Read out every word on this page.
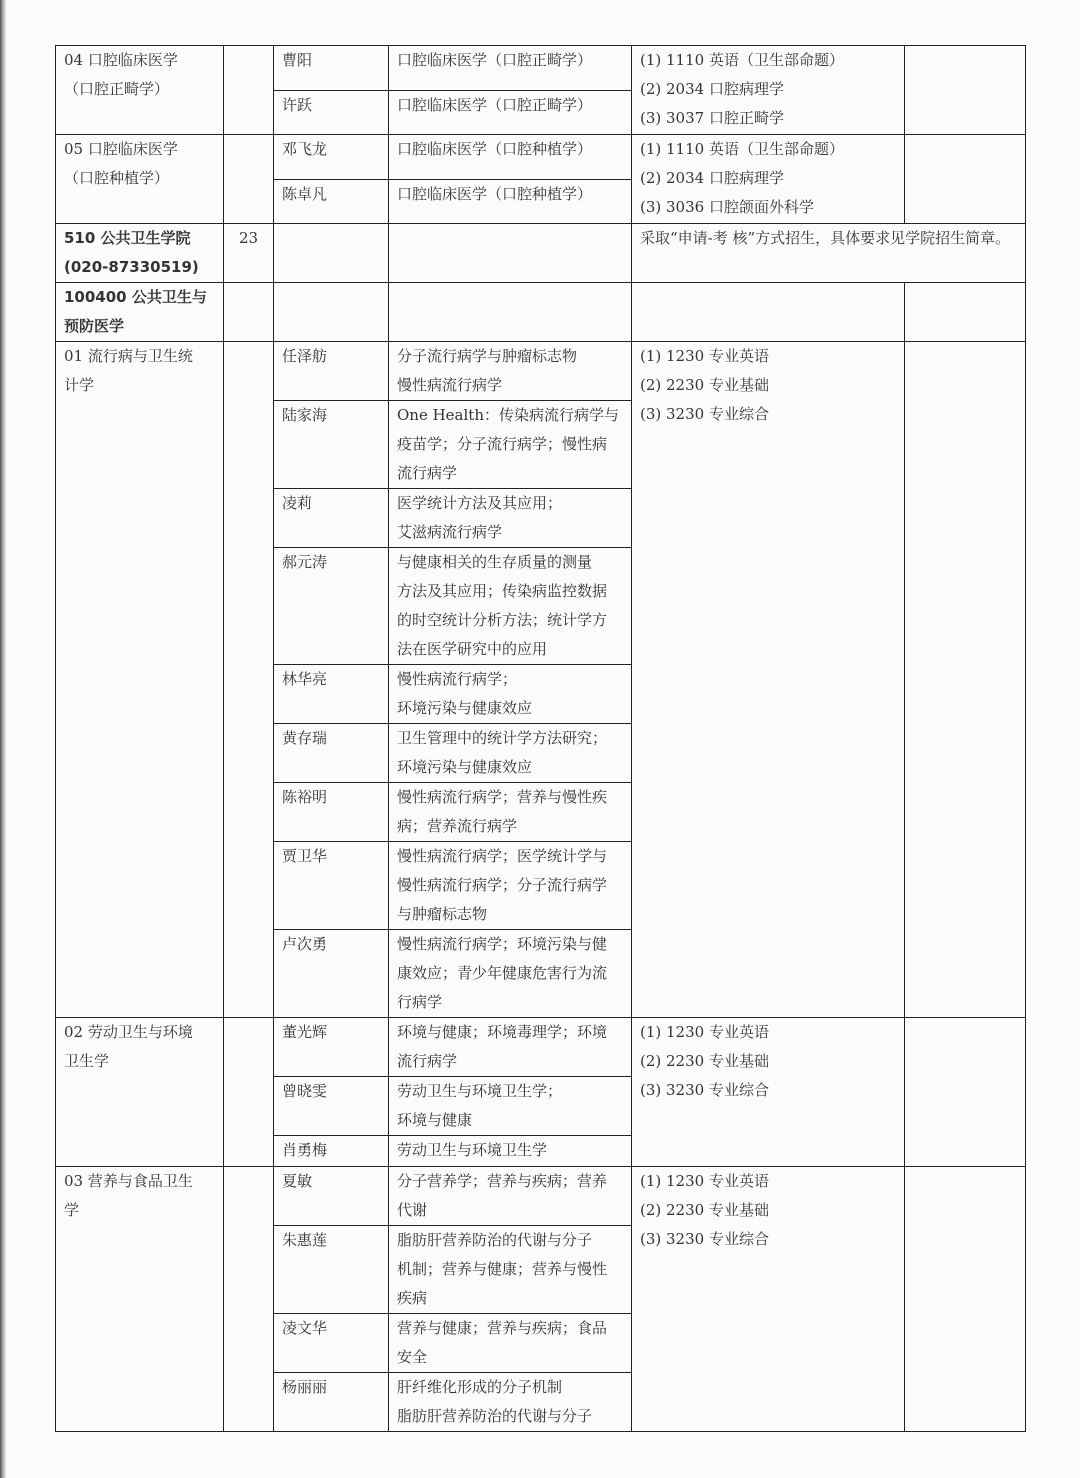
04 口腔临床医学
（口腔正畸学）		曹阳	口腔临床医学（口腔正畸学）	(1) 1110 英语（卫生部命题）
(2) 2034 口腔病理学
(3) 3037 口腔正畸学	

		许跃	口腔临床医学（口腔正畸学）		

05 口腔临床医学
（口腔种植学）		邓飞龙	口腔临床医学（口腔种植学）	(1) 1110 英语（卫生部命题）
(2) 2034 口腔病理学
(3) 3036 口腔颌面外科学	

		陈卓凡	口腔临床医学（口腔种植学）		

510 公共卫生学院
(020-87330519)	23			采取“申请-考 核”方式招生，具体要求见学院招生简章。	

100400 公共卫生与
预防医学					

01 流行病与卫生统
计学		任泽舫	分子流行病学与肿瘤标志物
慢性病流行病学	(1) 1230 专业英语
(2) 2230 专业基础
(3) 3230 专业综合	

		陆家海	One Health：传染病流行病学与
疫苗学；分子流行病学；慢性病
流行病学		

		凌莉	医学统计方法及其应用；
艾滋病流行病学		

		郝元涛	与健康相关的生存质量的测量
方法及其应用；传染病监控数据
的时空统计分析方法；统计学方
法在医学研究中的应用		

		林华亮	慢性病流行病学；
环境污染与健康效应		

		黄存瑞	卫生管理中的统计学方法研究；
环境污染与健康效应		

		陈裕明	慢性病流行病学；营养与慢性疾
病；营养流行病学		

		贾卫华	慢性病流行病学；医学统计学与
慢性病流行病学；分子流行病学
与肿瘤标志物		

		卢次勇	慢性病流行病学；环境污染与健
康效应；青少年健康危害行为流
行病学		

02 劳动卫生与环境
卫生学		董光辉	环境与健康；环境毒理学；环境
流行病学	(1) 1230 专业英语
(2) 2230 专业基础
(3) 3230 专业综合	

		曾晓雯	劳动卫生与环境卫生学；
环境与健康		

		肖勇梅	劳动卫生与环境卫生学		

03 营养与食品卫生
学		夏敏	分子营养学；营养与疾病；营养
代谢	(1) 1230 专业英语
(2) 2230 专业基础
(3) 3230 专业综合	

		朱惠莲	脂肪肝营养防治的代谢与分子
机制；营养与健康；营养与慢性
疾病		

		凌文华	营养与健康；营养与疾病；食品
安全		

		杨丽丽	肝纤维化形成的分子机制
脂肪肝营养防治的代谢与分子		
